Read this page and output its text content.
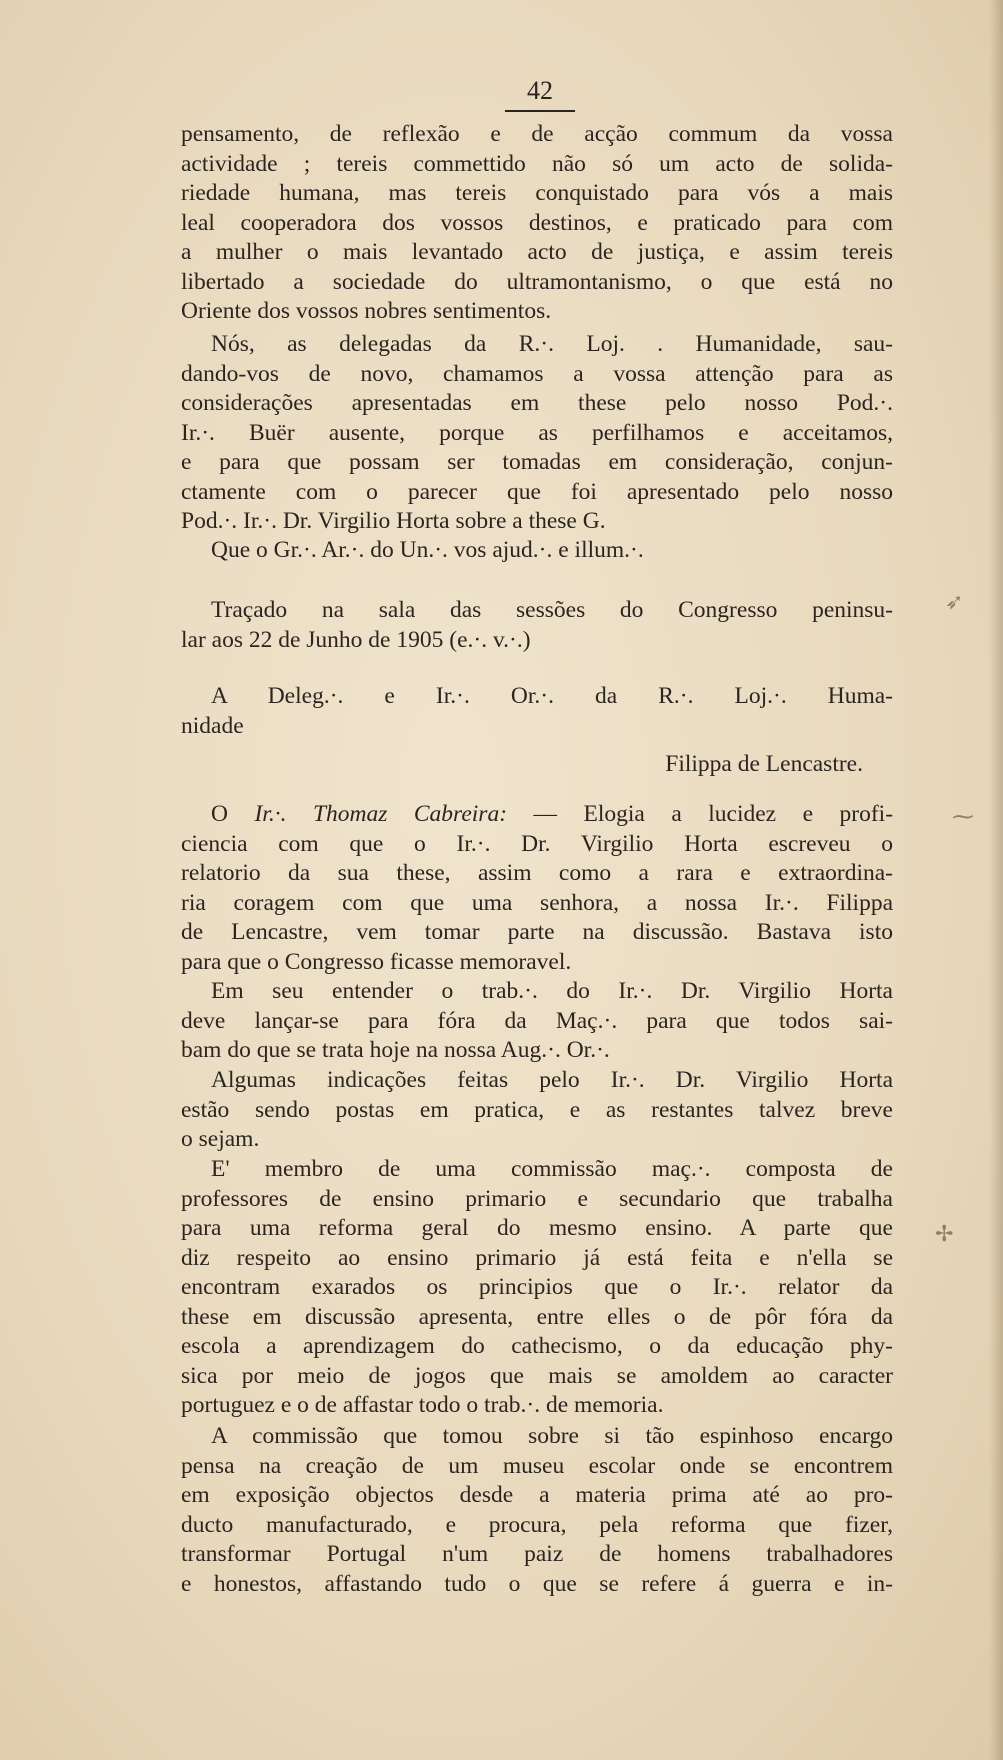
42
pensamento, de reflexão e de acção commum da vossa
actividade ; tereis commettido não só um acto de solida-
riedade humana, mas tereis conquistado para vós a mais
leal cooperadora dos vossos destinos, e praticado para com
a mulher o mais levantado acto de justiça, e assim tereis
libertado a sociedade do ultramontanismo, o que está no
Oriente dos vossos nobres sentimentos.
Nós, as delegadas da R.·. Loj. . Humanidade, sau-
dando-vos de novo, chamamos a vossa attenção para as
considerações apresentadas em these pelo nosso Pod.·.
Ir.·. Buër ausente, porque as perfilhamos e acceitamos,
e para que possam ser tomadas em consideração, conjun-
ctamente com o parecer que foi apresentado pelo nosso
Pod.·. Ir.·. Dr. Virgilio Horta sobre a these G.
Que o Gr.·. Ar.·. do Un.·. vos ajud.·. e illum.·.
Traçado na sala das sessões do Congresso peninsu-
lar aos 22 de Junho de 1905 (e.·. v.·.)
A Deleg.·. e Ir.·. Or.·. da R.·. Loj.·. Huma-
nidade
Filippa de Lencastre.
O Ir.·. Thomaz Cabreira: — Elogia a lucidez e profi-
ciencia com que o Ir.·. Dr. Virgilio Horta escreveu o
relatorio da sua these, assim como a rara e extraordina-
ria coragem com que uma senhora, a nossa Ir.·. Filippa
de Lencastre, vem tomar parte na discussão. Bastava isto
para que o Congresso ficasse memoravel.
Em seu entender o trab.·. do Ir.·. Dr. Virgilio Horta
deve lançar-se para fóra da Maç.·. para que todos sai-
bam do que se trata hoje na nossa Aug.·. Or.·.
Algumas indicações feitas pelo Ir.·. Dr. Virgilio Horta
estão sendo postas em pratica, e as restantes talvez breve
o sejam.
E' membro de uma commissão maç.·. composta de
professores de ensino primario e secundario que trabalha
para uma reforma geral do mesmo ensino. A parte que
diz respeito ao ensino primario já está feita e n'ella se
encontram exarados os principios que o Ir.·. relator da
these em discussão apresenta, entre elles o de pôr fóra da
escola a aprendizagem do cathecismo, o da educação phy-
sica por meio de jogos que mais se amoldem ao caracter
portuguez e o de affastar todo o trab.·. de memoria.
A commissão que tomou sobre si tão espinhoso encargo
pensa na creação de um museu escolar onde se encontrem
em exposição objectos desde a materia prima até ao pro-
ducto manufacturado, e procura, pela reforma que fizer,
transformar Portugal n'um paiz de homens trabalhadores
e honestos, affastando tudo o que se refere á guerra e in-
➶
⁓
✢
